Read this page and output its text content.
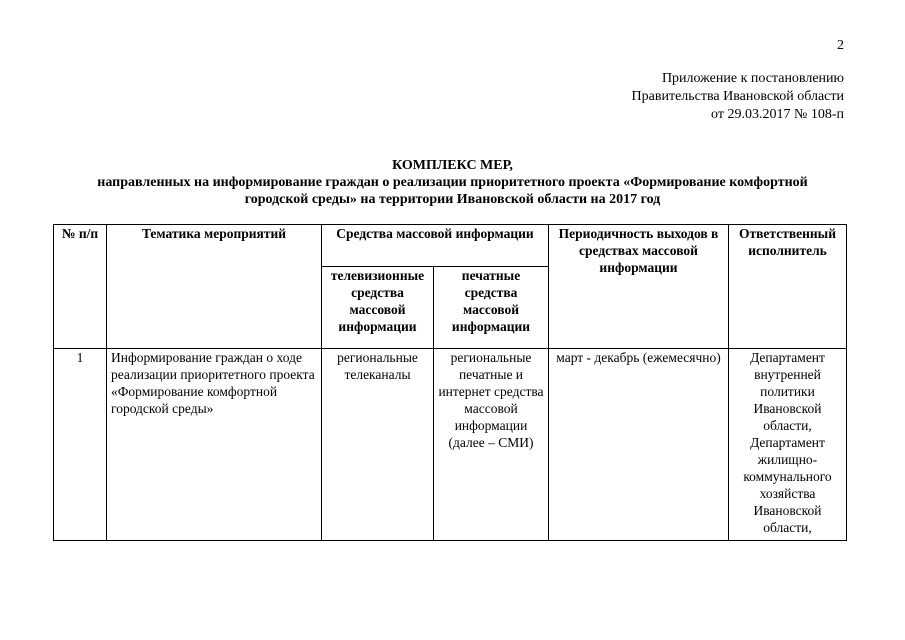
2
Приложение к постановлению
Правительства Ивановской области
от 29.03.2017 № 108-п
КОМПЛЕКС МЕР,
направленных на информирование граждан о реализации приоритетного проекта «Формирование комфортной
городской среды» на территории Ивановской области на 2017 год
№ п/п	Тематика мероприятий	Средства массовой информации		Периодичность выходов в средствах массовой информации	Ответственный исполнитель
		телевизионные средства массовой информации	печатные средства массовой информации		
1	Информирование граждан о ходе реализации приоритетного проекта «Формирование комфортной городской среды»	региональные телеканалы	региональные печатные и интернет средства массовой информации (далее – СМИ)	март - декабрь (ежемесячно)	Департамент внутренней политики Ивановской области, Департамент жилищно-коммунального хозяйства Ивановской области,
